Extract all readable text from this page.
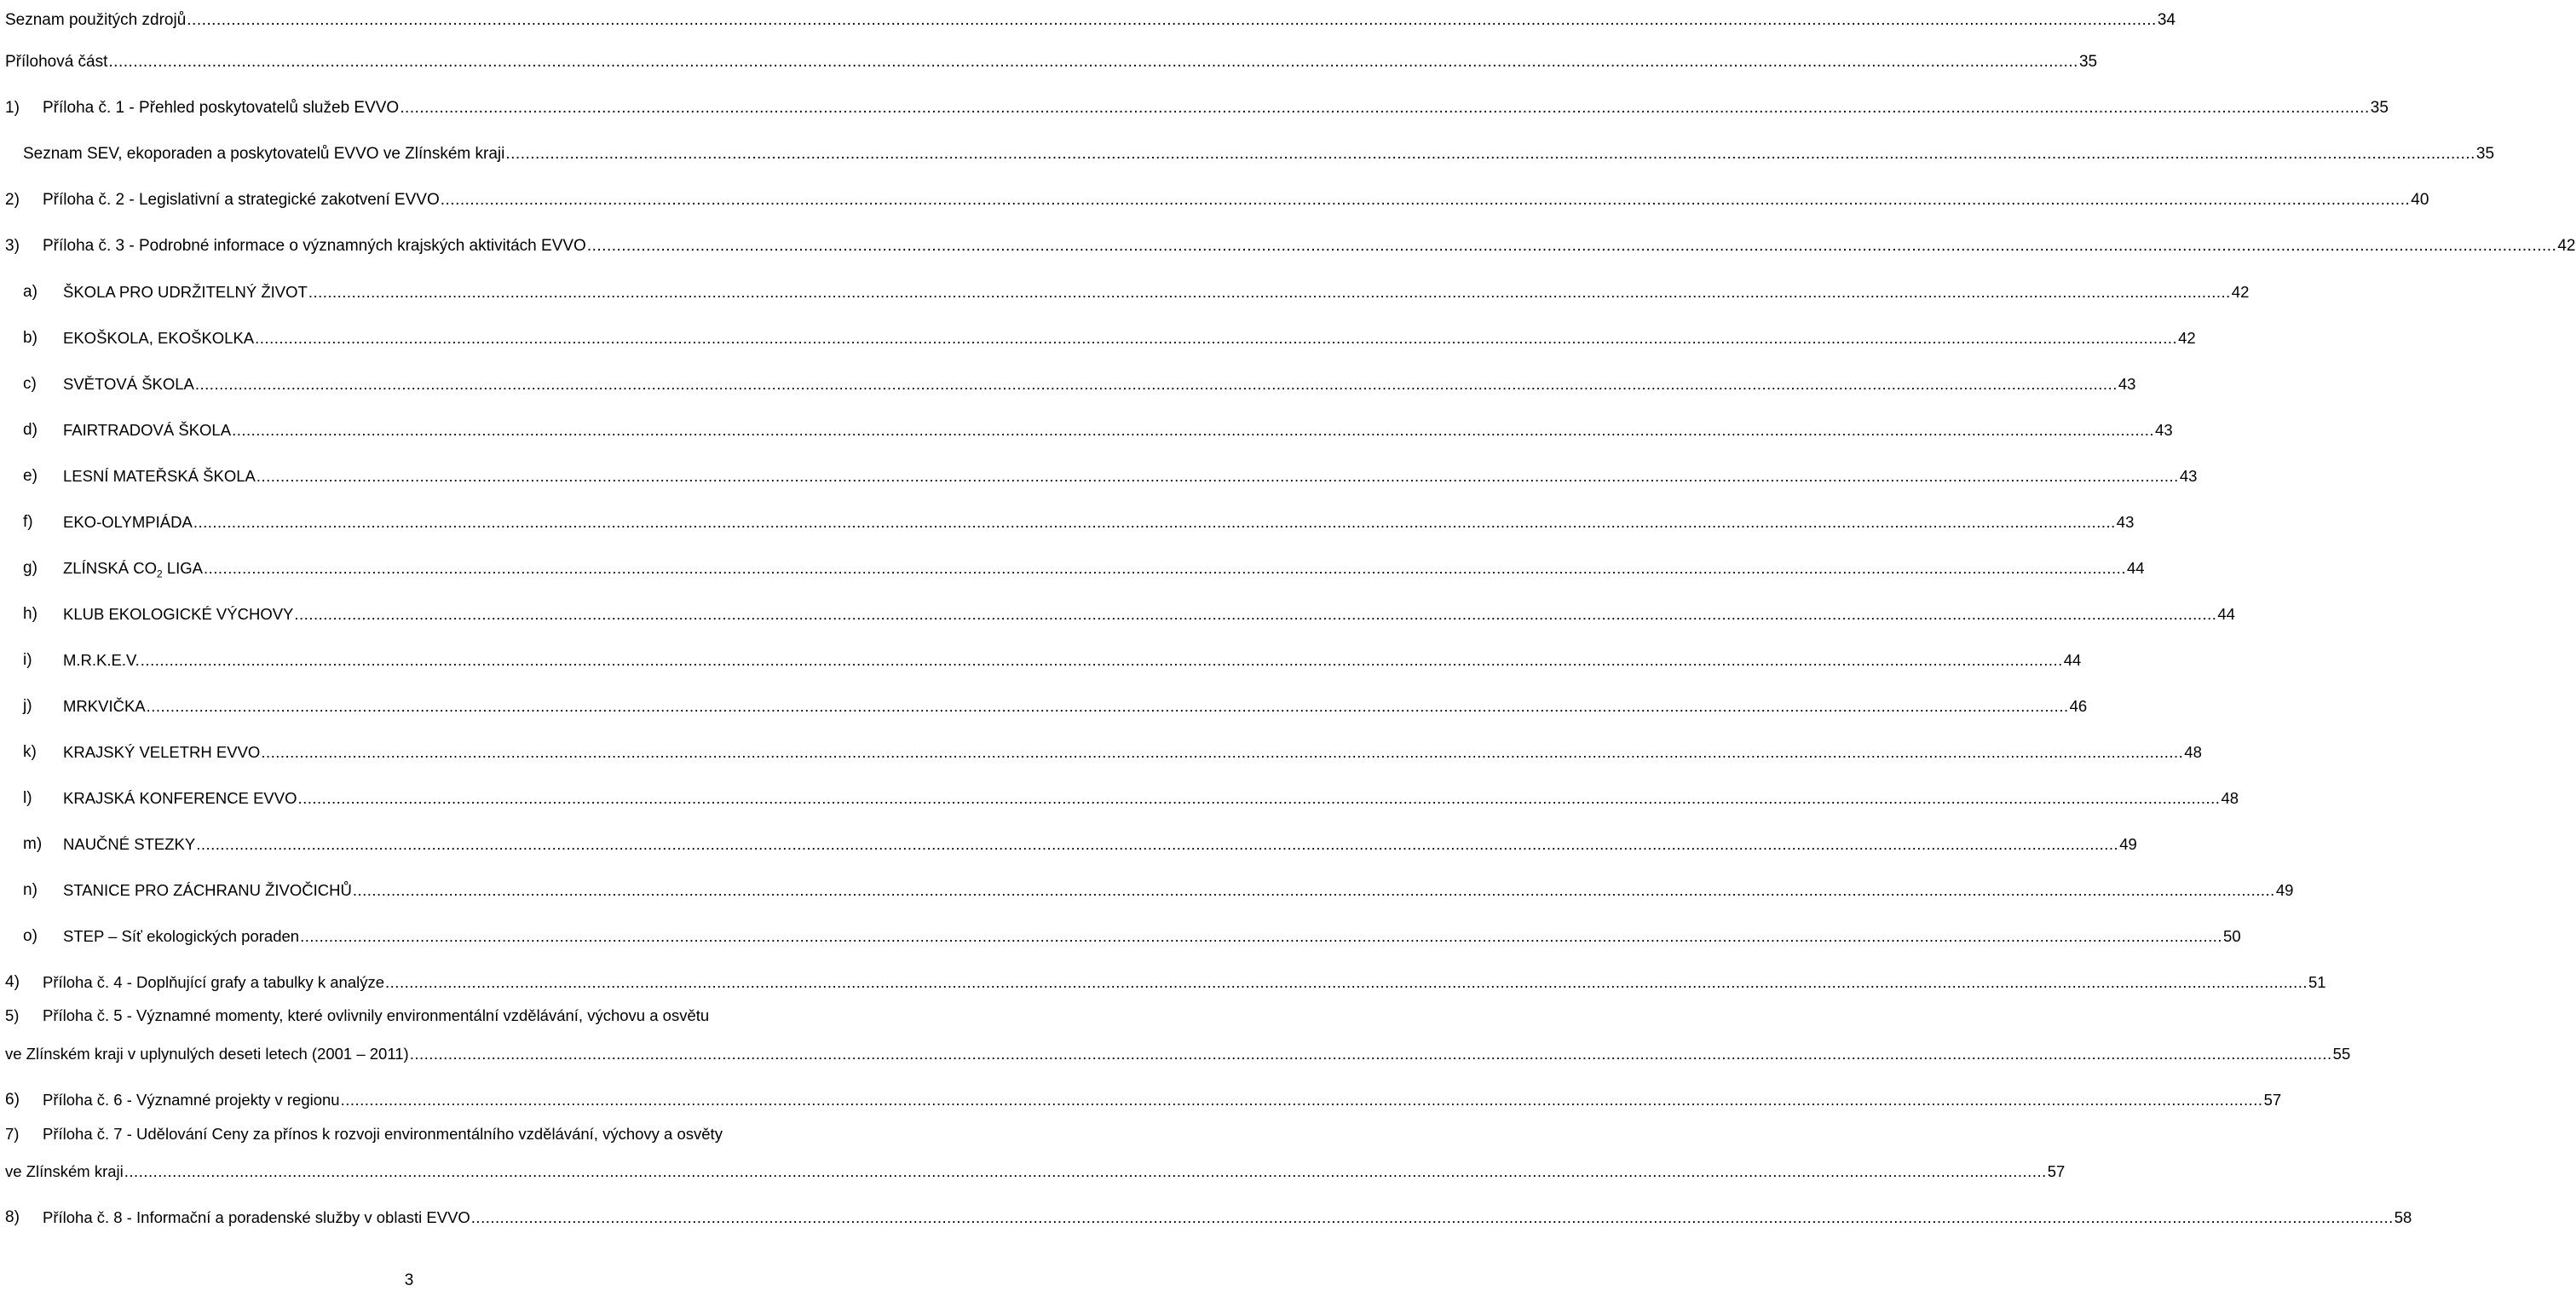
Seznam použitých zdrojů ................................................................................................................................................................................................................................................................................................................................................................................................................ 34
Přílohová část ................................................................................................................................................................................................................................................................................................................................................................................................................ 35
1) Příloha č. 1 - Přehled poskytovatelů služeb EVVO ................................................................................................................................................................................................................................................................................................................................................................................................................ 35
Seznam SEV, ekoporaden a poskytovatelů EVVO ve Zlínském kraji ................................................................................................................................................................................................................................................................................................................................................................................................................ 35
2) Příloha č. 2 - Legislativní a strategické zakotvení EVVO ................................................................................................................................................................................................................................................................................................................................................................................................................ 40
3) Příloha č. 3 - Podrobné informace o významných krajských aktivitách EVVO ................................................................................................................................................................................................................................................................................................................................................................................................................ 42
a) ŠKOLA PRO UDRŽITELNÝ ŽIVOT ................................................................................................................................................................................................................................................................................................................................................................................................................ 42
b) EKOŠKOLA, EKOŠKOLKA ................................................................................................................................................................................................................................................................................................................................................................................................................ 42
c) SVĚTOVÁ ŠKOLA ................................................................................................................................................................................................................................................................................................................................................................................................................ 43
d) FAIRTRADOVÁ ŠKOLA ................................................................................................................................................................................................................................................................................................................................................................................................................ 43
e) LESNÍ MATEŘSKÁ ŠKOLA ................................................................................................................................................................................................................................................................................................................................................................................................................ 43
f) EKO-OLYMPIÁDA ................................................................................................................................................................................................................................................................................................................................................................................................................ 43
g) ZLÍNSKÁ $CO_2$ LIGA ................................................................................................................................................................................................................................................................................................................................................................................................................ 44
h) KLUB EKOLOGICKÉ VÝCHOVY ................................................................................................................................................................................................................................................................................................................................................................................................................ 44
i) M.R.K.E.V. ................................................................................................................................................................................................................................................................................................................................................................................................................ 44
j) MRKVIČKA ................................................................................................................................................................................................................................................................................................................................................................................................................ 46
k) KRAJSKÝ VELETRH EVVO ................................................................................................................................................................................................................................................................................................................................................................................................................ 48
l) KRAJSKÁ KONFERENCE EVVO ................................................................................................................................................................................................................................................................................................................................................................................................................ 48
m) NAUČNÉ STEZKY ................................................................................................................................................................................................................................................................................................................................................................................................................ 49
n) STANICE PRO ZÁCHRANU ŽIVOČICHŮ ................................................................................................................................................................................................................................................................................................................................................................................................................ 49
o) STEP – Síť ekologických poraden ................................................................................................................................................................................................................................................................................................................................................................................................................ 50
4) Příloha č. 4 - Doplňující grafy a tabulky k analýze ................................................................................................................................................................................................................................................................................................................................................................................................................ 51
5) Příloha č. 5 - Významné momenty, které ovlivnily environmentální vzdělávání, výchovu a osvětu
ve Zlínském kraji v uplynulých deseti letech (2001 – 2011) ................................................................................................................................................................................................................................................................................................................................................................................................................ 55
6) Příloha č. 6 - Významné projekty v regionu ................................................................................................................................................................................................................................................................................................................................................................................................................ 57
7) Příloha č. 7 - Udělování Ceny za přínos k rozvoji environmentálního vzdělávání, výchovy a osvěty
ve Zlínském kraji ................................................................................................................................................................................................................................................................................................................................................................................................................ 57
8) Příloha č. 8 - Informační a poradenské služby v oblasti EVVO ................................................................................................................................................................................................................................................................................................................................................................................................................ 58
3
